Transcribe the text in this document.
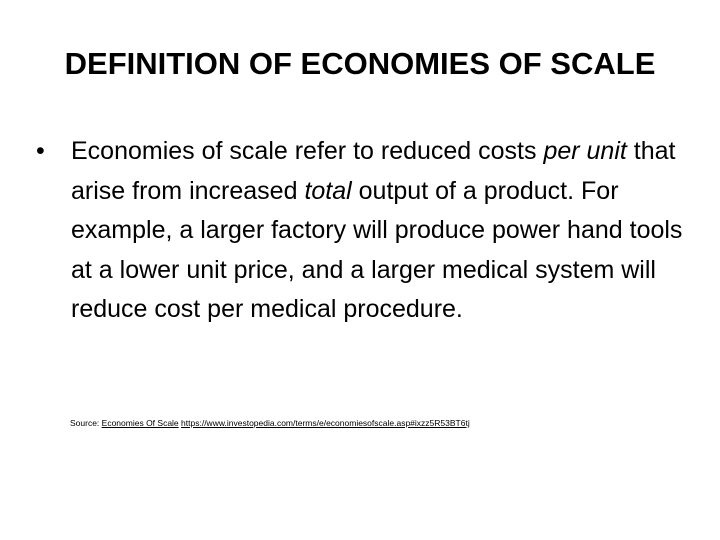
DEFINITION OF ECONOMIES OF SCALE
• Economies of scale refer to reduced costs per unit that arise from increased total output of a product. For example, a larger factory will produce power hand tools at a lower unit price, and a larger medical system will reduce cost per medical procedure.
Source: Economies Of Scale https://www.investopedia.com/terms/e/economiesofscale.asp#ixzz5R53BT6tj
